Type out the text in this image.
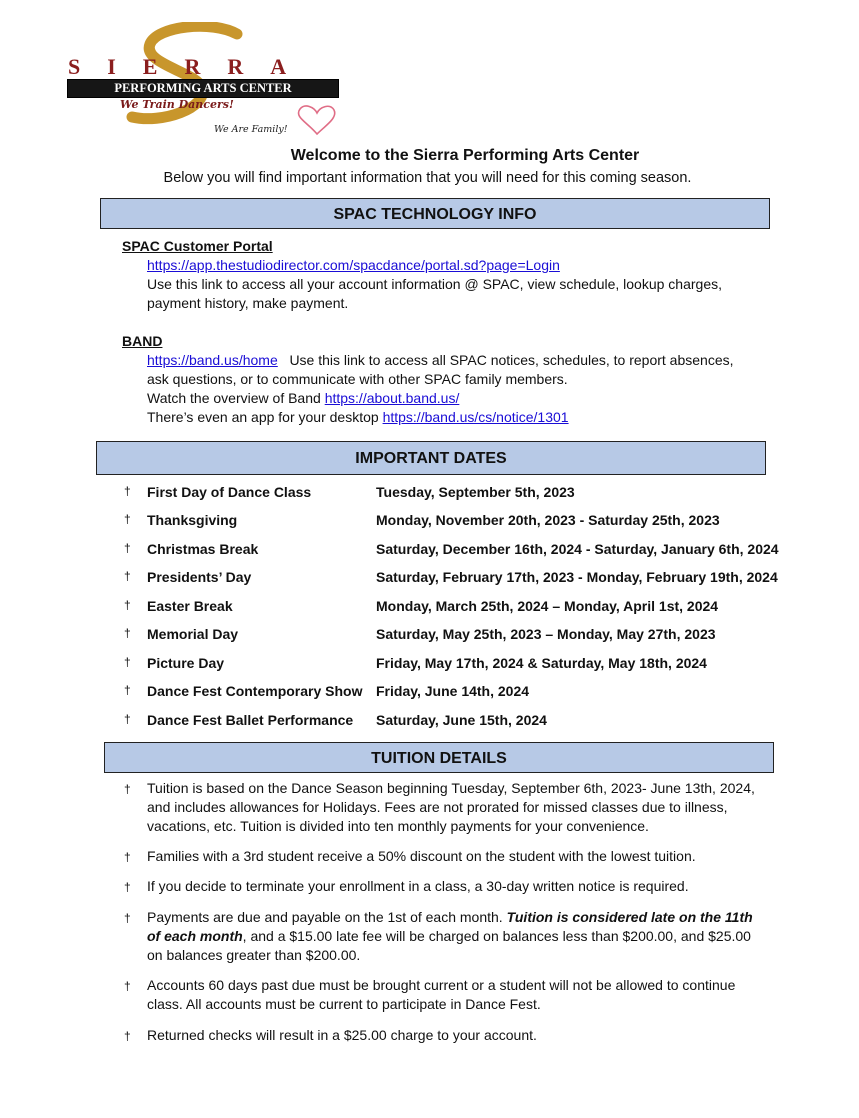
SIERRA
PERFORMING ARTS CENTER
We Train Dancers!
We Are Family!
Welcome to the Sierra Performing Arts Center

Below you will find important information that you will need for this coming season.

SPAC TECHNOLOGY INFO

SPAC Customer Portal

https://app.thestudiodirector.com/spacdance/portal.sd?page=Login

Use this link to access all your account information @ SPAC, view schedule, lookup charges,

payment history, make payment.

BAND

https://band.us/home Use this link to access all SPAC notices, schedules, to report absences,

ask questions, or to communicate with other SPAC family members.

Watch the overview of Band https://about.band.us/

There’s even an app for your desktop https://band.us/cs/notice/1301

IMPORTANT DATES
† First Day of Dance Class	Tuesday, September 5th, 2023
† Thanksgiving	Monday, November 20th, 2023 - Saturday 25th, 2023
† Christmas Break	Saturday, December 16th, 2024 - Saturday, January 6th, 2024
† Presidents’ Day	Saturday, February 17th, 2023 - Monday, February 19th, 2024
† Easter Break	Monday, March 25th, 2024 – Monday, April 1st, 2024
† Memorial Day	Saturday, May 25th, 2023 – Monday, May 27th, 2023
† Picture Day	Friday, May 17th, 2024 & Saturday, May 18th, 2024
† Dance Fest Contemporary Show Friday, June 14th, 2024
† Dance Fest Ballet Performance Saturday, June 15th, 2024
TUITION DETAILS
† Tuition is based on the Dance Season beginning Tuesday, September 6th, 2023- June 13th, 2024, and includes allowances for Holidays. Fees are not prorated for missed classes due to illness, vacations, etc. Tuition is divided into ten monthly payments for your convenience.
† Families with a 3rd student receive a 50% discount on the student with the lowest tuition.
† If you decide to terminate your enrollment in a class, a 30-day written notice is required.
† Payments are due and payable on the 1st of each month. Tuition is considered late on the 11th of each month, and a $15.00 late fee will be charged on balances less than $200.00, and $25.00 on balances greater than $200.00.
† Accounts 60 days past due must be brought current or a student will not be allowed to continue class. All accounts must be current to participate in Dance Fest.
† Returned checks will result in a $25.00 charge to your account.
